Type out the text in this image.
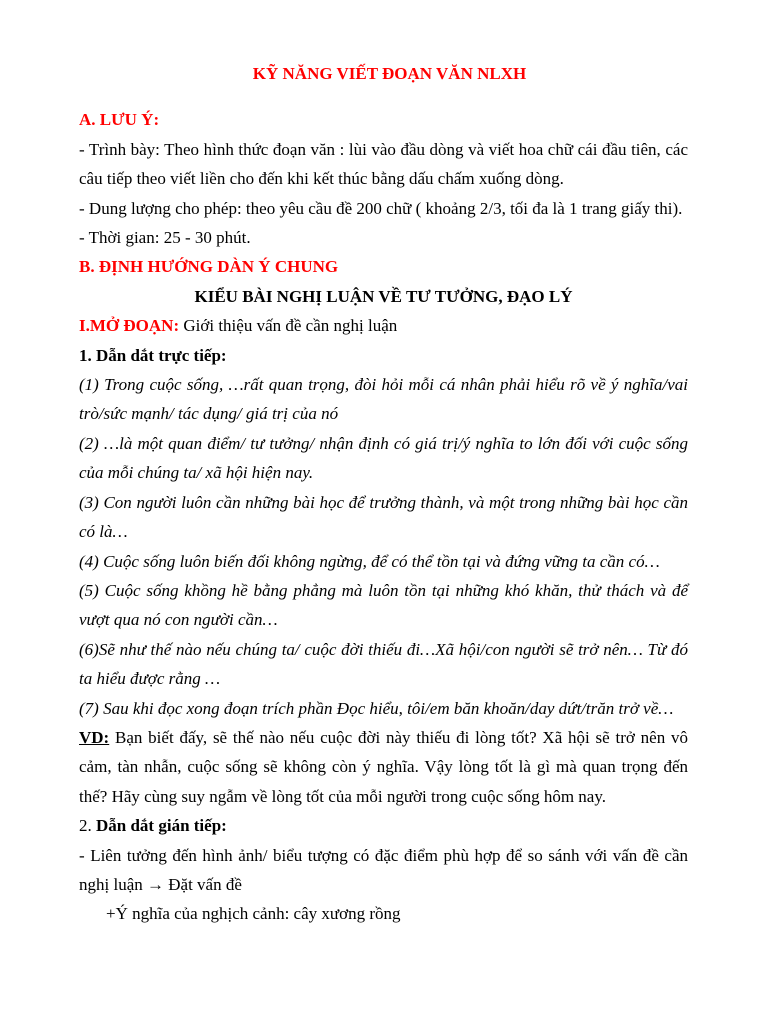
KỸ NĂNG VIẾT ĐOẠN VĂN NLXH

A. LƯU Ý:

- Trình bày: Theo hình thức đoạn văn : lùi vào đầu dòng và viết hoa chữ cái đầu tiên, các câu tiếp theo viết liền cho đến khi kết thúc bằng dấu chấm xuống dòng.

- Dung lượng cho phép: theo yêu cầu đề 200 chữ ( khoảng 2/3, tối đa là 1 trang giấy thi).

- Thời gian: 25 - 30 phút.

B. ĐỊNH HƯỚNG DÀN Ý CHUNG

KIỂU BÀI NGHỊ LUẬN VỀ TƯ TƯỞNG, ĐẠO LÝ

I.MỞ ĐOẠN: Giới thiệu vấn đề cần nghị luận

1. Dẫn dắt trực tiếp:

(1) Trong cuộc sống, …rất quan trọng, đòi hỏi mỗi cá nhân phải hiểu rõ về ý nghĩa/vai trò/sức mạnh/ tác dụng/ giá trị của nó

(2) …là một quan điểm/ tư tưởng/ nhận định có giá trị/ý nghĩa to lớn đối với cuộc sống của mỗi chúng ta/ xã hội hiện nay.

(3) Con người luôn cần những bài học để trưởng thành, và một trong những bài học cần có là…

(4) Cuộc sống luôn biến đối không ngừng, để có thể tồn tại và đứng vững ta cần có…

(5) Cuộc sống khồng hề bằng phẳng mà luôn tồn tại những khó khăn, thử thách và để vượt qua nó con người cần…

(6)Sẽ như thế nào nếu chúng ta/ cuộc đời thiếu đi…Xã hội/con người sẽ trở nên… Từ đó ta hiểu được rằng …

(7) Sau khi đọc xong đoạn trích phần Đọc hiểu, tôi/em băn khoăn/day dứt/trăn trở về…

VD: Bạn biết đấy, sẽ thế nào nếu cuộc đời này thiếu đi lòng tốt? Xã hội sẽ trở nên vô cảm, tàn nhẫn, cuộc sống sẽ không còn ý nghĩa. Vậy lòng tốt là gì mà quan trọng đến thế? Hãy cùng suy ngẫm về lòng tốt của mỗi người trong cuộc sống hôm nay.

2. Dẫn dắt gián tiếp:

- Liên tưởng đến hình ảnh/ biểu tượng có đặc điểm phù hợp để so sánh với vấn đề cần nghị luận → Đặt vấn đề

+Ý nghĩa của nghịch cảnh: cây xương rồng
